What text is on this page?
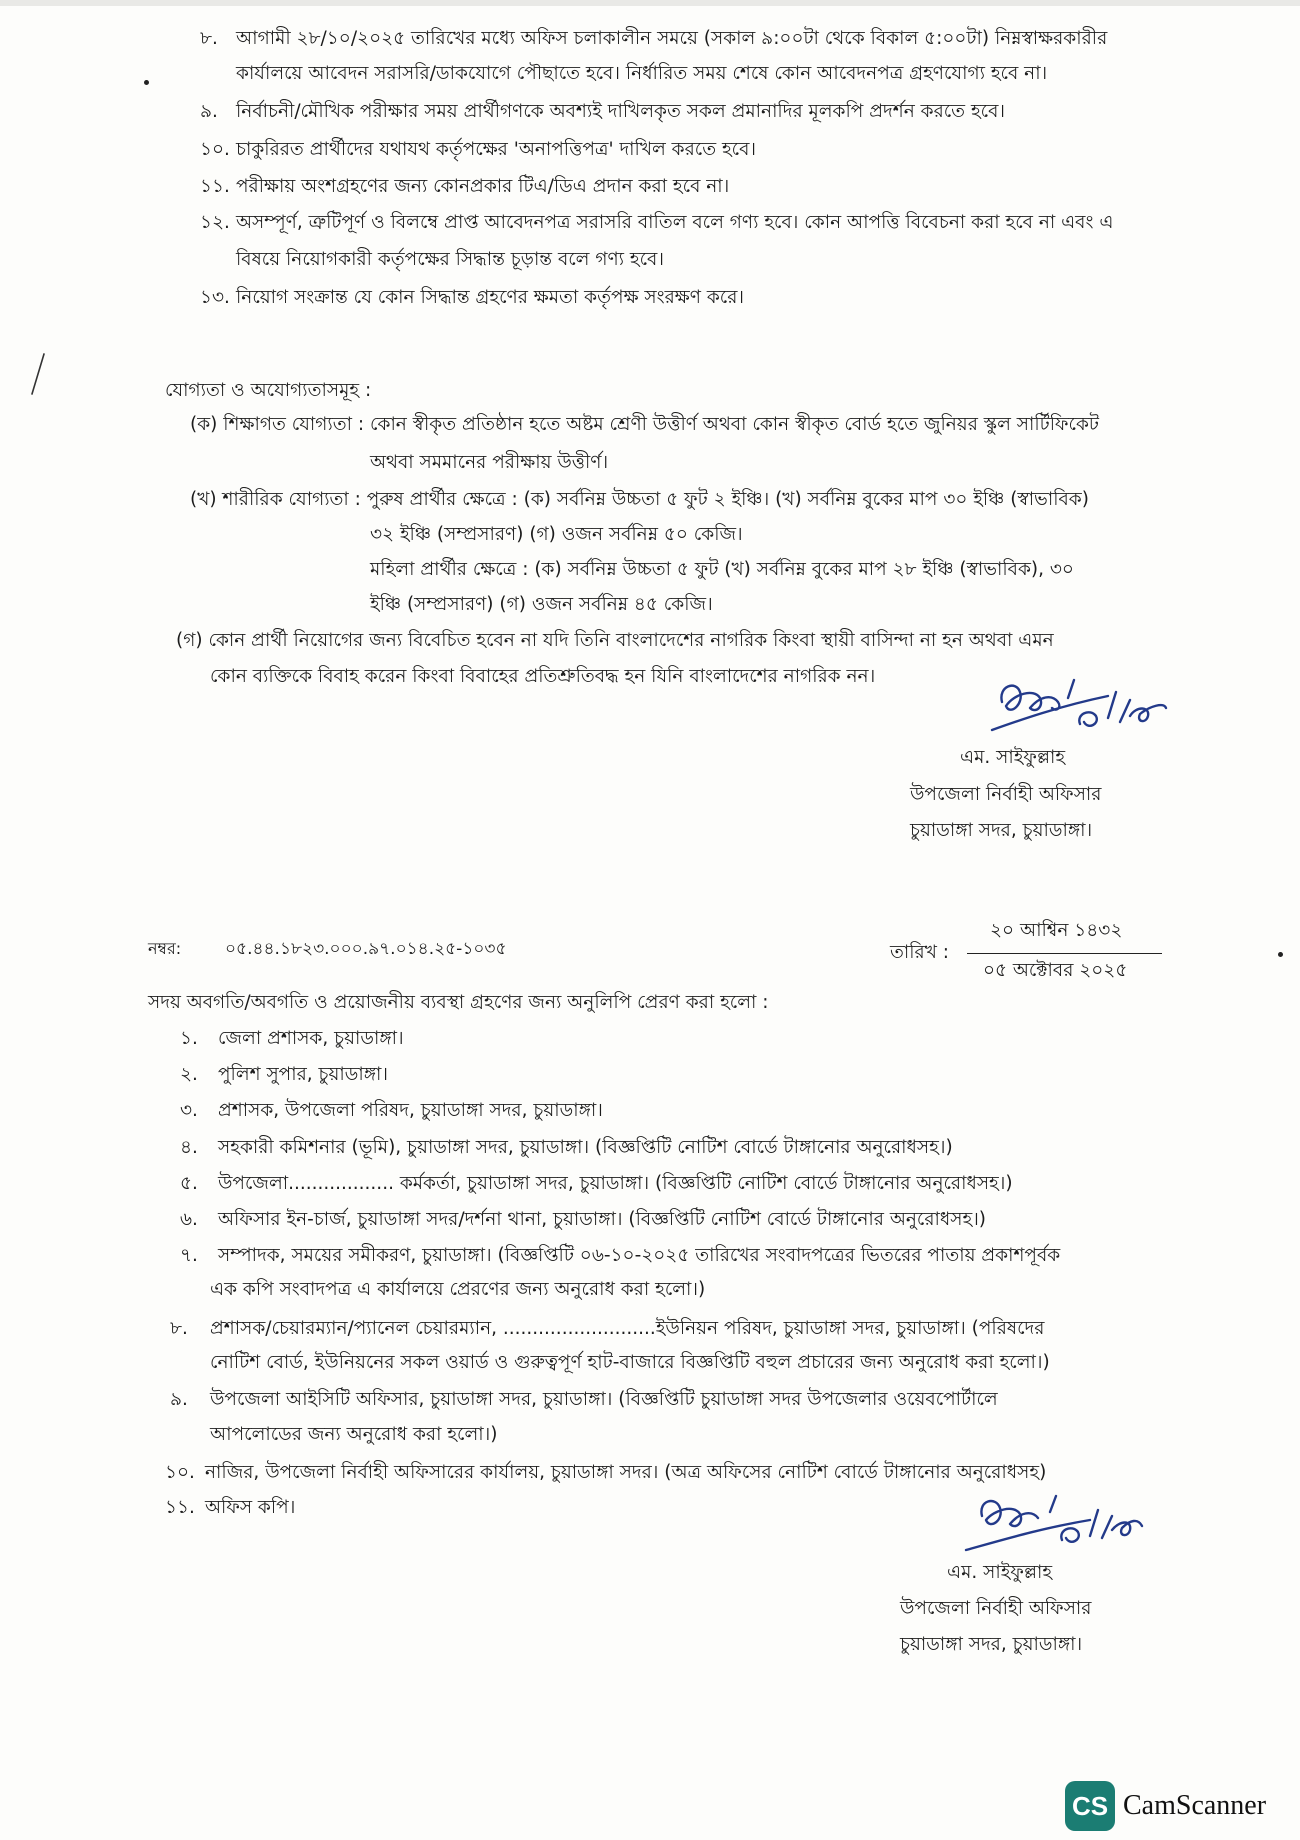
৮. আগামী ২৮/১০/২০২৫ তারিখের মধ্যে অফিস চলাকালীন সময়ে (সকাল ৯:০০টা থেকে বিকাল ৫:০০টা) নিম্নস্বাক্ষরকারীর
কার্যালয়ে আবেদন সরাসরি/ডাকযোগে পৌছাতে হবে। নির্ধারিত সময় শেষে কোন আবেদনপত্র গ্রহণযোগ্য হবে না।
৯. নির্বাচনী/মৌখিক পরীক্ষার সময় প্রার্থীগণকে অবশ্যই দাখিলকৃত সকল প্রমানাদির মূলকপি প্রদর্শন করতে হবে।
১০. চাকুরিরত প্রার্থীদের যথাযথ কর্তৃপক্ষের 'অনাপত্তিপত্র' দাখিল করতে হবে।
১১. পরীক্ষায় অংশগ্রহণের জন্য কোনপ্রকার টিএ/ডিএ প্রদান করা হবে না।
১২. অসম্পূর্ণ, ত্রুটিপূর্ণ ও বিলম্বে প্রাপ্ত আবেদনপত্র সরাসরি বাতিল বলে গণ্য হবে। কোন আপত্তি বিবেচনা করা হবে না এবং এ
বিষয়ে নিয়োগকারী কর্তৃপক্ষের সিদ্ধান্ত চূড়ান্ত বলে গণ্য হবে।
১৩. নিয়োগ সংক্রান্ত যে কোন সিদ্ধান্ত গ্রহণের ক্ষমতা কর্তৃপক্ষ সংরক্ষণ করে।
যোগ্যতা ও অযোগ্যতাসমূহ :
(ক) শিক্ষাগত যোগ্যতা : কোন স্বীকৃত প্রতিষ্ঠান হতে অষ্টম শ্রেণী উত্তীর্ণ অথবা কোন স্বীকৃত বোর্ড হতে জুনিয়র স্কুল সার্টিফিকেট
অথবা সমমানের পরীক্ষায় উত্তীর্ণ।
(খ) শারীরিক যোগ্যতা : পুরুষ প্রার্থীর ক্ষেত্রে : (ক) সর্বনিম্ন উচ্চতা ৫ ফুট ২ ইঞ্চি। (খ) সর্বনিম্ন বুকের মাপ ৩০ ইঞ্চি (স্বাভাবিক)
৩২ ইঞ্চি (সম্প্রসারণ) (গ) ওজন সর্বনিম্ন ৫০ কেজি।
মহিলা প্রার্থীর ক্ষেত্রে : (ক) সর্বনিম্ন উচ্চতা ৫ ফুট (খ) সর্বনিম্ন বুকের মাপ ২৮ ইঞ্চি (স্বাভাবিক), ৩০
ইঞ্চি (সম্প্রসারণ) (গ) ওজন সর্বনিম্ন ৪৫ কেজি।
(গ) কোন প্রার্থী নিয়োগের জন্য বিবেচিত হবেন না যদি তিনি বাংলাদেশের নাগরিক কিংবা স্থায়ী বাসিন্দা না হন অথবা এমন
কোন ব্যক্তিকে বিবাহ করেন কিংবা বিবাহের প্রতিশ্রুতিবদ্ধ হন যিনি বাংলাদেশের নাগরিক নন।
এম. সাইফুল্লাহ
উপজেলা নির্বাহী অফিসার
চুয়াডাঙ্গা সদর, চুয়াডাঙ্গা।
নম্বর:	০৫.৪৪.১৮২৩.০০০.৯৭.০১৪.২৫-১০৩৫	তারিখ :
২০ আশ্বিন ১৪৩২
০৫ অক্টোবর ২০২৫
সদয় অবগতি/অবগতি ও প্রয়োজনীয় ব্যবস্থা গ্রহণের জন্য অনুলিপি প্রেরণ করা হলো :
১. জেলা প্রশাসক, চুয়াডাঙ্গা।
২. পুলিশ সুপার, চুয়াডাঙ্গা।
৩. প্রশাসক, উপজেলা পরিষদ, চুয়াডাঙ্গা সদর, চুয়াডাঙ্গা।
৪. সহকারী কমিশনার (ভূমি), চুয়াডাঙ্গা সদর, চুয়াডাঙ্গা। (বিজ্ঞপ্তিটি নোটিশ বোর্ডে টাঙ্গানোর অনুরোধসহ।)
৫. উপজেলা.................. কর্মকর্তা, চুয়াডাঙ্গা সদর, চুয়াডাঙ্গা। (বিজ্ঞপ্তিটি নোটিশ বোর্ডে টাঙ্গানোর অনুরোধসহ।)
৬. অফিসার ইন-চার্জ, চুয়াডাঙ্গা সদর/দর্শনা থানা, চুয়াডাঙ্গা। (বিজ্ঞপ্তিটি নোটিশ বোর্ডে টাঙ্গানোর অনুরোধসহ।)
৭. সম্পাদক, সময়ের সমীকরণ, চুয়াডাঙ্গা। (বিজ্ঞপ্তিটি ০৬-১০-২০২৫ তারিখের সংবাদপত্রের ভিতরের পাতায় প্রকাশপূর্বক
এক কপি সংবাদপত্র এ কার্যালয়ে প্রেরণের জন্য অনুরোধ করা হলো।)
৮. প্রশাসক/চেয়ারম্যান/প্যানেল চেয়ারম্যান, ..........................ইউনিয়ন পরিষদ, চুয়াডাঙ্গা সদর, চুয়াডাঙ্গা। (পরিষদের
নোটিশ বোর্ড, ইউনিয়নের সকল ওয়ার্ড ও গুরুত্বপূর্ণ হাট-বাজারে বিজ্ঞপ্তিটি বহুল প্রচারের জন্য অনুরোধ করা হলো।)
৯. উপজেলা আইসিটি অফিসার, চুয়াডাঙ্গা সদর, চুয়াডাঙ্গা। (বিজ্ঞপ্তিটি চুয়াডাঙ্গা সদর উপজেলার ওয়েবপোর্টালে
আপলোডের জন্য অনুরোধ করা হলো।)
১০. নাজির, উপজেলা নির্বাহী অফিসারের কার্যালয়, চুয়াডাঙ্গা সদর। (অত্র অফিসের নোটিশ বোর্ডে টাঙ্গানোর অনুরোধসহ)
১১. অফিস কপি।
এম. সাইফুল্লাহ
উপজেলা নির্বাহী অফিসার
চুয়াডাঙ্গা সদর, চুয়াডাঙ্গা।
CS CamScanner
